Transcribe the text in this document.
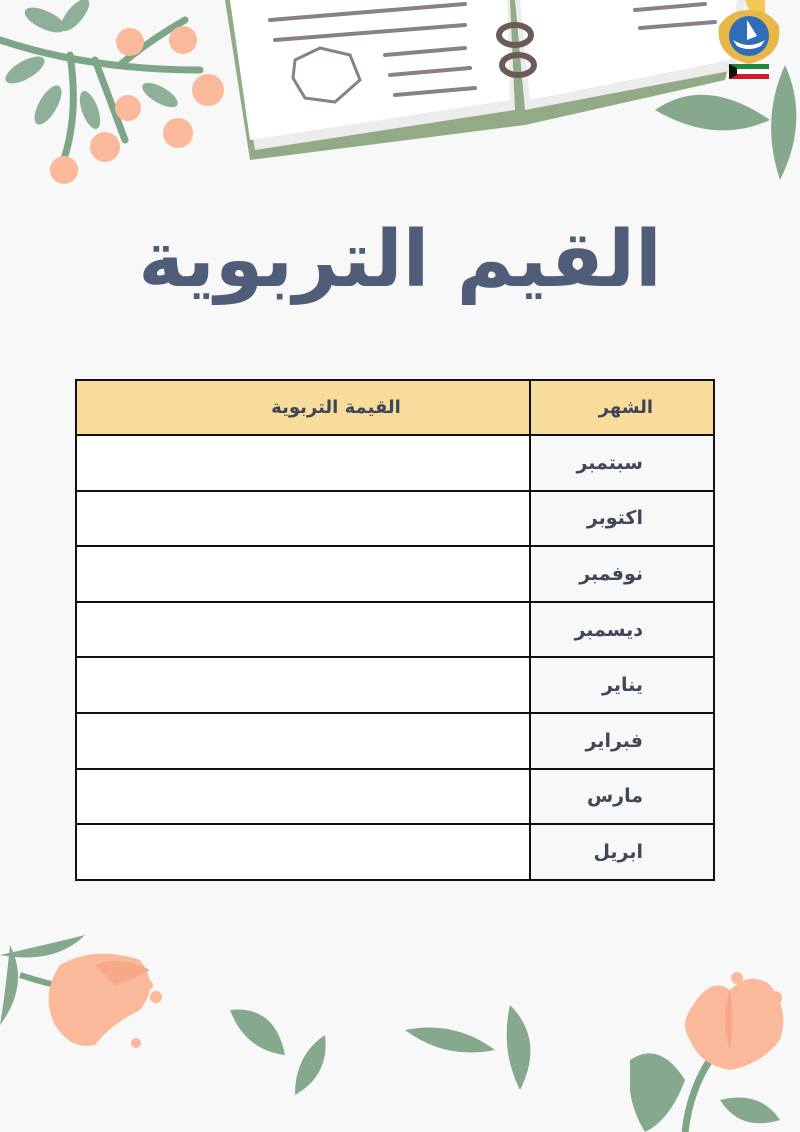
القيم التربوية
الشهر	القيمة التربوية
سبتمبر	
اكتوبر	
نوفمبر	
ديسمبر	
يناير	
فبراير	
مارس	
ابريل	
